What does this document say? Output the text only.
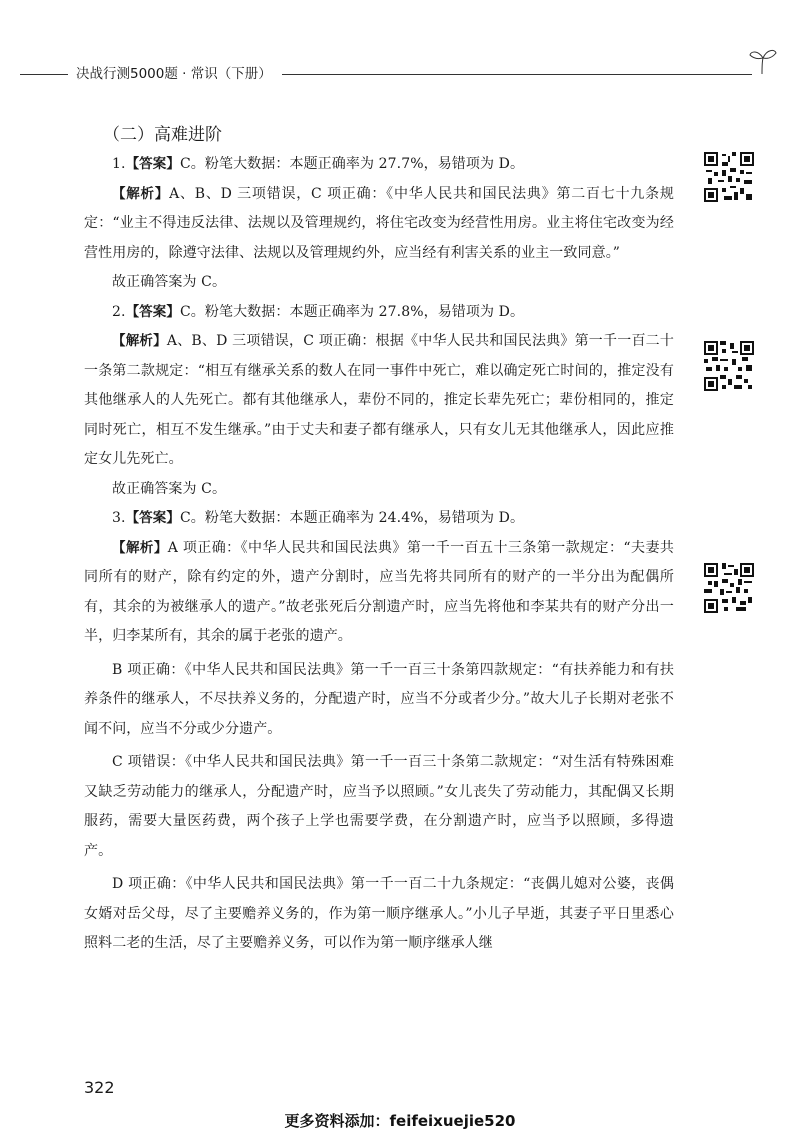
决战行测5000题 · 常识（下册）
（二）高难进阶

1.【答案】C。粉笔大数据：本题正确率为 27.7%，易错项为 D。

【解析】A、B、D 三项错误，C 项正确：《中华人民共和国民法典》第二百七十九条规定：“业主不得违反法律、法规以及管理规约，将住宅改变为经营性用房。业主将住宅改变为经营性用房的，除遵守法律、法规以及管理规约外，应当经有利害关系的业主一致同意。”

故正确答案为 C。

2.【答案】C。粉笔大数据：本题正确率为 27.8%，易错项为 D。

【解析】A、B、D 三项错误，C 项正确：根据《中华人民共和国民法典》第一千一百二十一条第二款规定：“相互有继承关系的数人在同一事件中死亡，难以确定死亡时间的，推定没有其他继承人的人先死亡。都有其他继承人，辈份不同的，推定长辈先死亡；辈份相同的，推定同时死亡，相互不发生继承。”由于丈夫和妻子都有继承人，只有女儿无其他继承人，因此应推定女儿先死亡。

故正确答案为 C。

3.【答案】C。粉笔大数据：本题正确率为 24.4%，易错项为 D。

【解析】A 项正确：《中华人民共和国民法典》第一千一百五十三条第一款规定：“夫妻共同所有的财产，除有约定的外，遗产分割时，应当先将共同所有的财产的一半分出为配偶所有，其余的为被继承人的遗产。”故老张死后分割遗产时，应当先将他和李某共有的财产分出一半，归李某所有，其余的属于老张的遗产。

B 项正确：《中华人民共和国民法典》第一千一百三十条第四款规定：“有扶养能力和有扶养条件的继承人，不尽扶养义务的，分配遗产时，应当不分或者少分。”故大儿子长期对老张不闻不问，应当不分或少分遗产。

C 项错误：《中华人民共和国民法典》第一千一百三十条第二款规定：“对生活有特殊困难又缺乏劳动能力的继承人，分配遗产时，应当予以照顾。”女儿丧失了劳动能力，其配偶又长期服药，需要大量医药费，两个孩子上学也需要学费，在分割遗产时，应当予以照顾，多得遗产。

D 项正确：《中华人民共和国民法典》第一千一百二十九条规定：“丧偶儿媳对公婆，丧偶女婿对岳父母，尽了主要赡养义务的，作为第一顺序继承人。”小儿子早逝，其妻子平日里悉心照料二老的生活，尽了主要赡养义务，可以作为第一顺序继承人继

322
更多资料添加：feifeixuejie520
